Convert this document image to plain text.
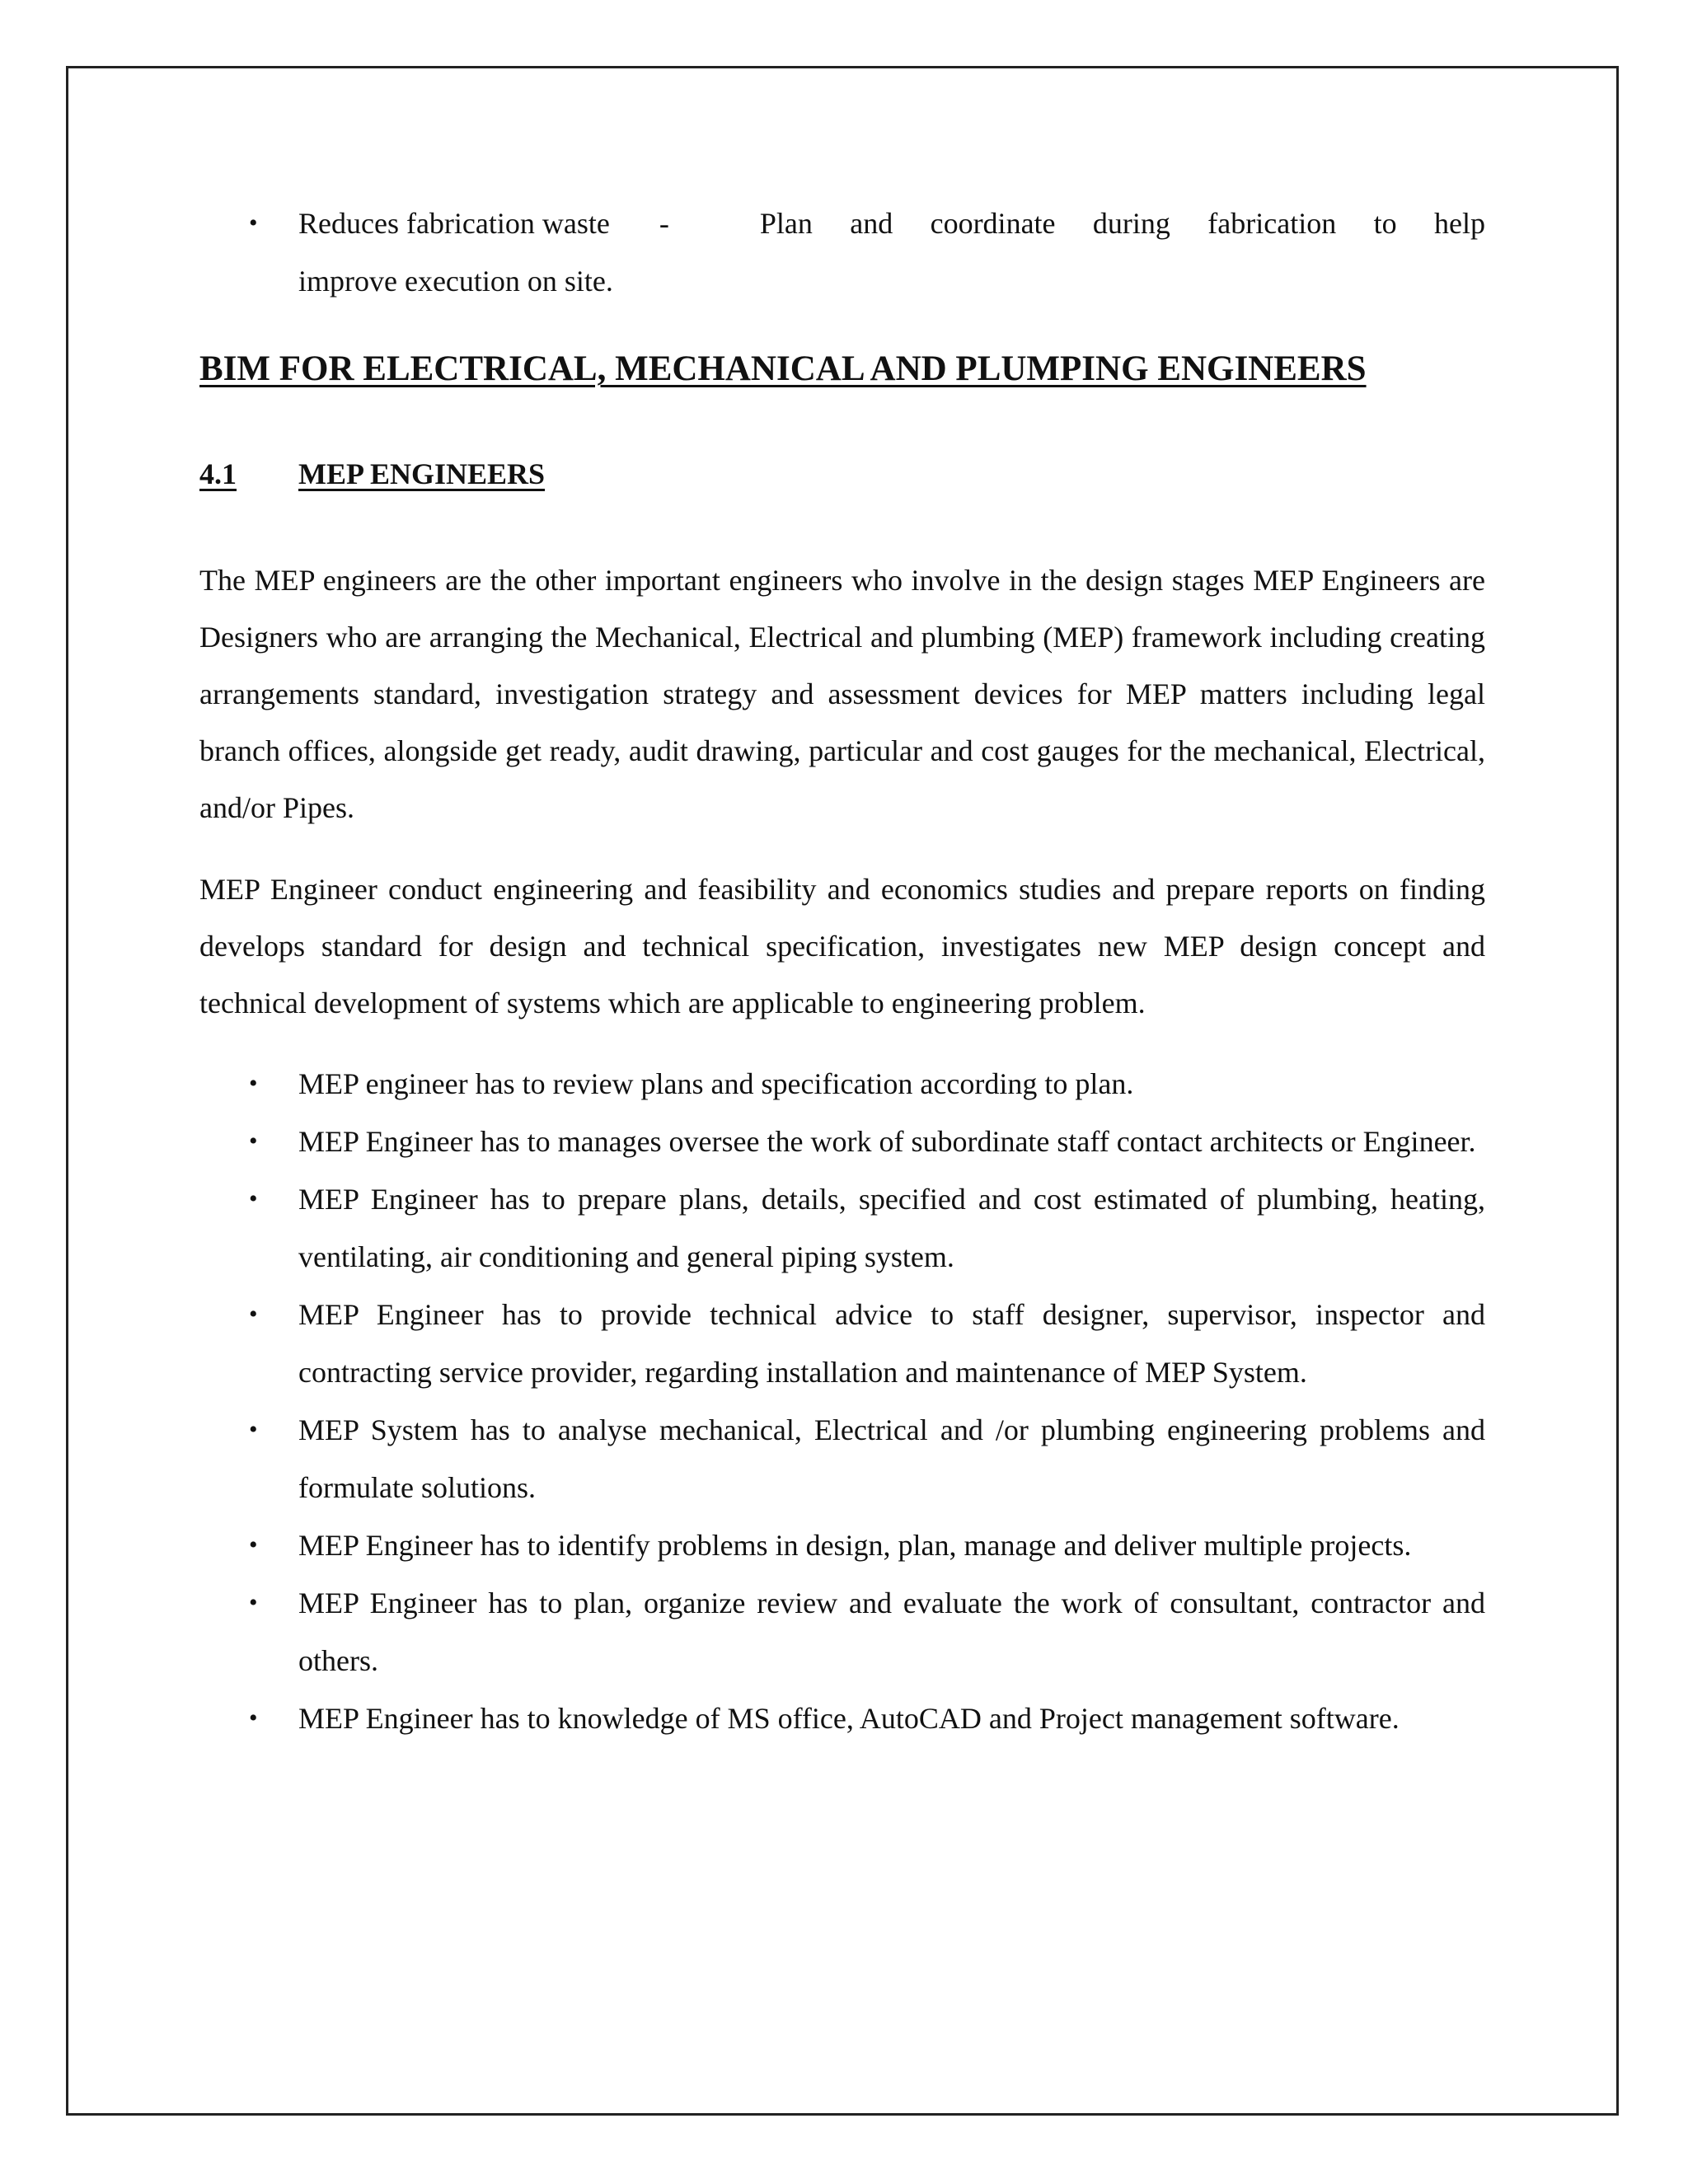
• Reduces fabrication waste -	Plan and coordinate during fabrication to help
improve execution on site.
BIM FOR ELECTRICAL, MECHANICAL AND PLUMPING ENGINEERS
4.1	MEP ENGINEERS
The MEP engineers are the other important engineers who involve in the design stages MEP Engineers are Designers who are arranging the Mechanical, Electrical and plumbing (MEP) framework including creating arrangements standard, investigation strategy and assessment devices for MEP matters including legal branch offices, alongside get ready, audit drawing, particular and cost gauges for the mechanical, Electrical, and/or Pipes.
MEP Engineer conduct engineering and feasibility and economics studies and prepare reports on finding develops standard for design and technical specification, investigates new MEP design concept and technical development of systems which are applicable to engineering problem.
• MEP engineer has to review plans and specification according to plan.
• MEP Engineer has to manages oversee the work of subordinate staff contact architects or Engineer.
• MEP Engineer has to prepare plans, details, specified and cost estimated of plumbing, heating, ventilating, air conditioning and general piping system.
• MEP Engineer has to provide technical advice to staff designer, supervisor, inspector and contracting service provider, regarding installation and maintenance of MEP System.
• MEP System has to analyse mechanical, Electrical and /or plumbing engineering problems and formulate solutions.
• MEP Engineer has to identify problems in design, plan, manage and deliver multiple projects.
• MEP Engineer has to plan, organize review and evaluate the work of consultant, contractor and others.
• MEP Engineer has to knowledge of MS office, AutoCAD and Project management software.
